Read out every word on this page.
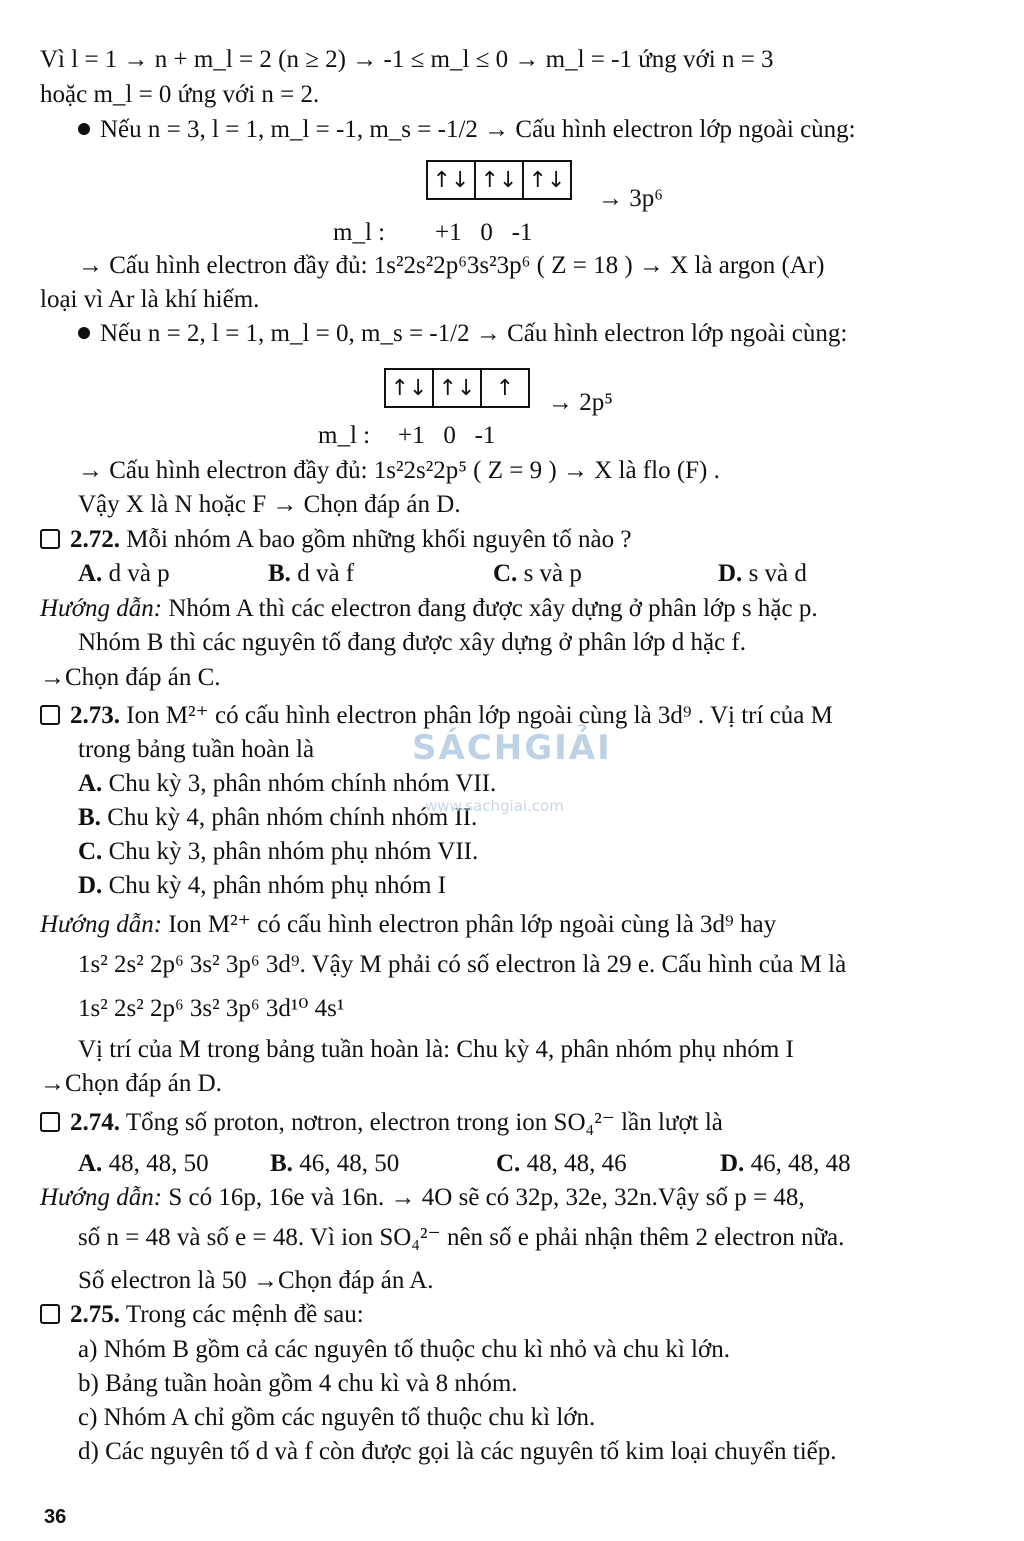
Vì l = 1 → n + m_l = 2 (n ≥ 2) → -1 ≤ m_l ≤ 0 → m_l = -1 ứng với n = 3
hoặc m_l = 0 ứng với n = 2.
Nếu n = 3, l = 1, m_l = -1, m_s = -1/2 → Cấu hình electron lớp ngoài cùng:
↑↓ ↑↓ ↑↓
→ 3p⁶
m_l :	+1   0   -1
→ Cấu hình electron đầy đủ: 1s²2s²2p⁶3s²3p⁶ ( Z = 18 ) → X là argon (Ar)
loại vì Ar là khí hiếm.
Nếu n = 2, l = 1, m_l = 0, m_s = -1/2 → Cấu hình electron lớp ngoài cùng:
↑↓ ↑↓ ↑
→ 2p⁵
m_l :	+1   0   -1
→ Cấu hình electron đầy đủ: 1s²2s²2p⁵ ( Z = 9 ) → X là flo (F) .
Vậy X là N hoặc F → Chọn đáp án D.
2.72. Mỗi nhóm A bao gồm những khối nguyên tố nào ?
A. d và p	B. d và f	C. s và p	D. s và d
Hướng dẫn: Nhóm A thì các electron đang được xây dựng ở phân lớp s hặc p.
Nhóm B thì các nguyên tố đang được xây dựng ở phân lớp d hặc f.
→Chọn đáp án C.
2.73. Ion M²⁺ có cấu hình electron phân lớp ngoài cùng là 3d⁹ . Vị trí của M
trong bảng tuần hoàn là
A. Chu kỳ 3, phân nhóm chính nhóm VII.
B. Chu kỳ 4, phân nhóm chính nhóm II.
C. Chu kỳ 3, phân nhóm phụ nhóm VII.
D. Chu kỳ 4, phân nhóm phụ nhóm I
Hướng dẫn: Ion M²⁺ có cấu hình electron phân lớp ngoài cùng là 3d⁹ hay
1s² 2s² 2p⁶ 3s² 3p⁶ 3d⁹. Vậy M phải có số electron là 29 e. Cấu hình của M là
1s² 2s² 2p⁶ 3s² 3p⁶ 3d¹⁰ 4s¹
Vị trí của M trong bảng tuần hoàn là: Chu kỳ 4, phân nhóm phụ nhóm I
→Chọn đáp án D.
2.74. Tổng số proton, nơtron, electron trong ion SO₄²⁻ lần lượt là
A. 48, 48, 50 B. 46, 48, 50	C. 48, 48, 46	D. 46, 48, 48
Hướng dẫn: S có 16p, 16e và 16n. → 4O sẽ có 32p, 32e, 32n.Vậy số p = 48,
số n = 48 và số e = 48. Vì ion SO₄²⁻ nên số e phải nhận thêm 2 electron nữa.
Số electron là 50 →Chọn đáp án A.
2.75. Trong các mệnh đề sau:
a) Nhóm B gồm cả các nguyên tố thuộc chu kì nhỏ và chu kì lớn.
b) Bảng tuần hoàn gồm 4 chu kì và 8 nhóm.
c) Nhóm A chỉ gồm các nguyên tố thuộc chu kì lớn.
d) Các nguyên tố d và f còn được gọi là các nguyên tố kim loại chuyển tiếp.
SÁCHGIẢI
www.sachgiai.com
36
